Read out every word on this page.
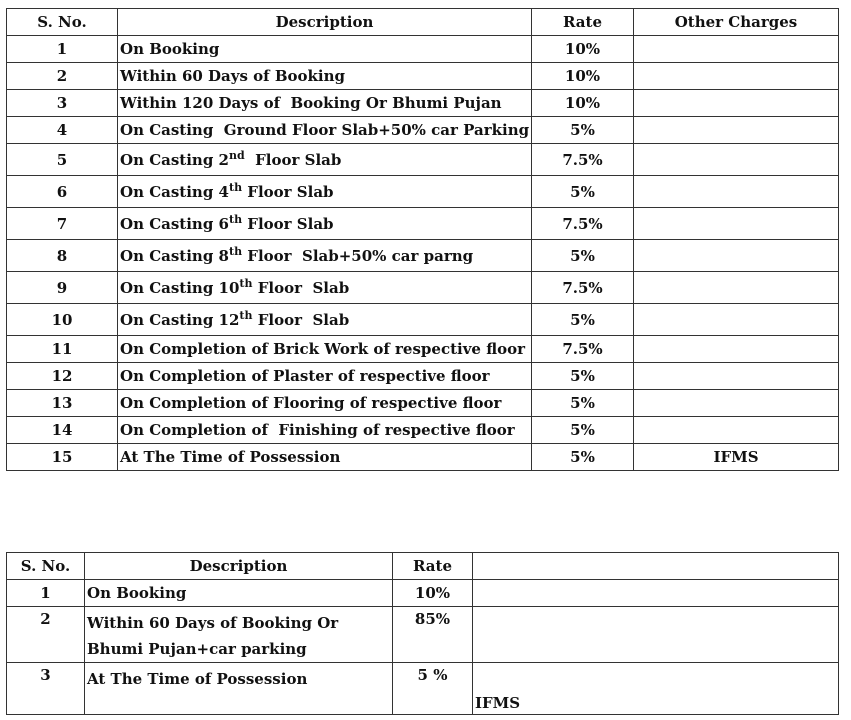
S. No.	Description	Rate	Other Charges
1	On Booking	10%	
2	Within 60 Days of Booking	10%	
3	Within 120 Days of  Booking Or Bhumi Pujan	10%	
4	On Casting  Ground Floor Slab+50% car Parking	5%	
5	On Casting 2nd  Floor Slab	7.5%	
6	On Casting 4th Floor Slab	5%	
7	On Casting 6th Floor Slab	7.5%	
8	On Casting 8th Floor  Slab+50% car parng	5%	
9	On Casting 10th Floor  Slab	7.5%	
10	On Casting 12th Floor  Slab	5%	
11	On Completion of Brick Work of respective floor	7.5%	
12	On Completion of Plaster of respective floor	5%	
13	On Completion of Flooring of respective floor	5%	
14	On Completion of  Finishing of respective floor	5%	
15	At The Time of Possession	5%	IFMS
S. No.	Description	Rate	
1	On Booking	10%	
2	Within 60 Days of Booking Or Bhumi Pujan+car parking	85%	
3	At The Time of Possession	5 %	IFMS
